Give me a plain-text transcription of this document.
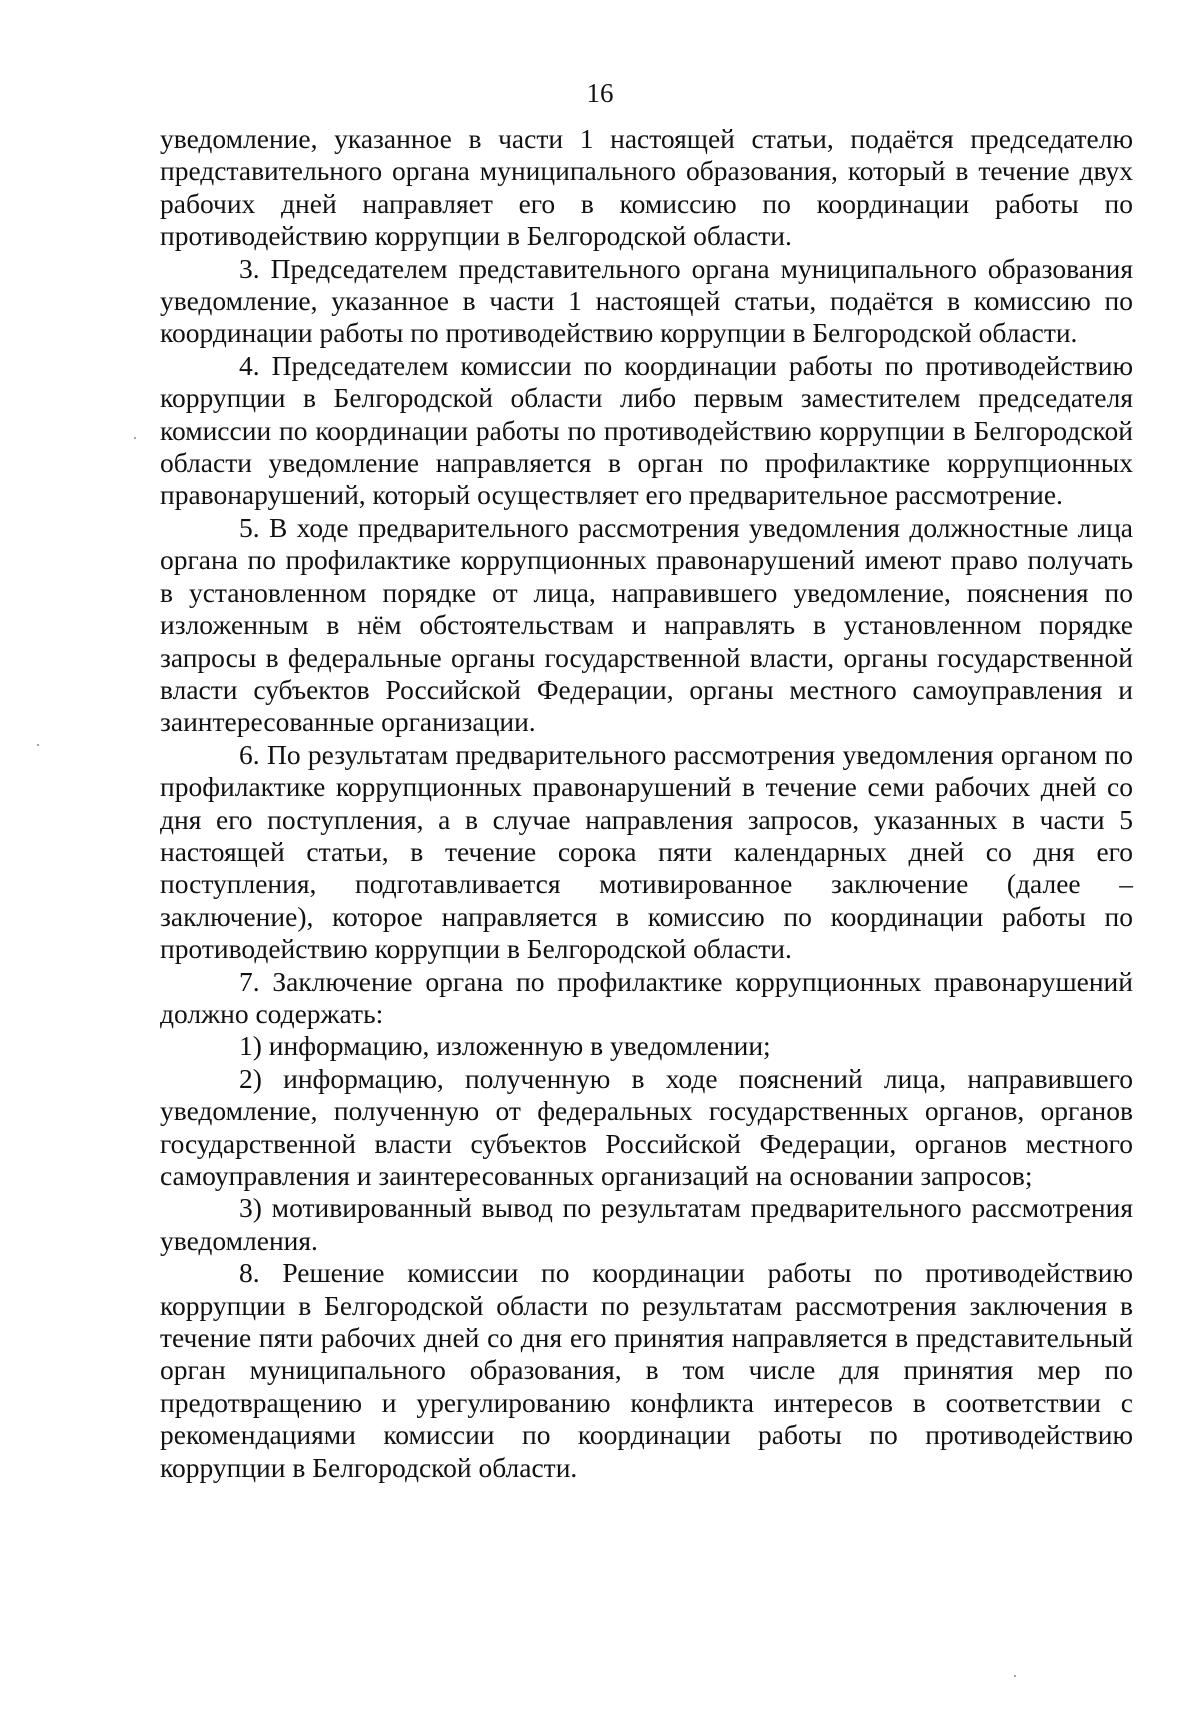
16

уведомление, указанное в части 1 настоящей статьи, подаётся председателю представительного органа муниципального образования, который в течение двух рабочих дней направляет его в комиссию по координации работы по противодействию коррупции в Белгородской области.

3. Председателем представительного органа муниципального образования уведомление, указанное в части 1 настоящей статьи, подаётся в комиссию по координации работы по противодействию коррупции в Белгородской области.

4. Председателем комиссии по координации работы по противодействию коррупции в Белгородской области либо первым заместителем председателя комиссии по координации работы по противодействию коррупции в Белгородской области уведомление направляется в орган по профилактике коррупционных правонарушений, который осуществляет его предварительное рассмотрение.

5. В ходе предварительного рассмотрения уведомления должностные лица органа по профилактике коррупционных правонарушений имеют право получать в установленном порядке от лица, направившего уведомление, пояснения по изложенным в нём обстоятельствам и направлять в установленном порядке запросы в федеральные органы государственной власти, органы государственной власти субъектов Российской Федерации, органы местного самоуправления и заинтересованные организации.

6. По результатам предварительного рассмотрения уведомления органом по профилактике коррупционных правонарушений в течение семи рабочих дней со дня его поступления, а в случае направления запросов, указанных в части 5 настоящей статьи, в течение сорока пяти календарных дней со дня его поступления, подготавливается мотивированное заключение (далее – заключение), которое направляется в комиссию по координации работы по противодействию коррупции в Белгородской области.

7. Заключение органа по профилактике коррупционных правонарушений должно содержать:

1) информацию, изложенную в уведомлении;

2) информацию, полученную в ходе пояснений лица, направившего уведомление, полученную от федеральных государственных органов, органов государственной власти субъектов Российской Федерации, органов местного самоуправления и заинтересованных организаций на основании запросов;

3) мотивированный вывод по результатам предварительного рассмотрения уведомления.

8. Решение комиссии по координации работы по противодействию коррупции в Белгородской области по результатам рассмотрения заключения в течение пяти рабочих дней со дня его принятия направляется в представительный орган муниципального образования, в том числе для принятия мер по предотвращению и урегулированию конфликта интересов в соответствии с рекомендациями комиссии по координации работы по противодействию коррупции в Белгородской области.
